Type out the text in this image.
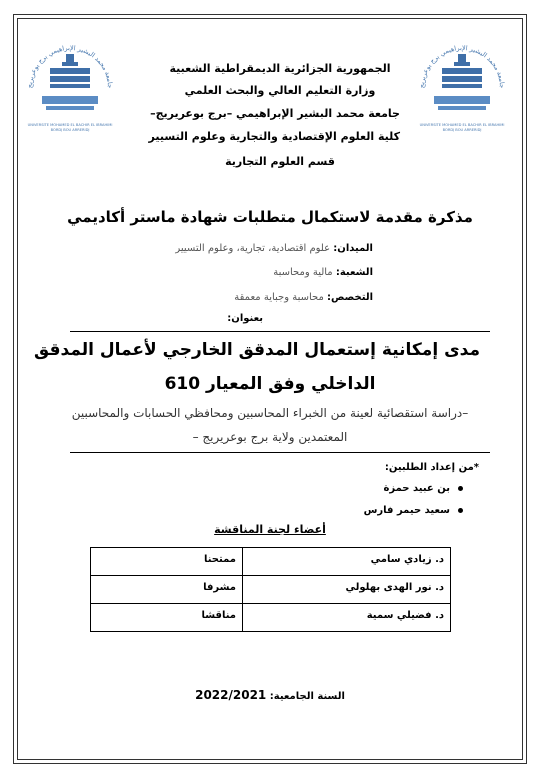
جامعة محمد البشير الإبراهيمي برج بوعريريج
UNIVERSITE MOHAMED EL BACHIR EL IBRAHIMI
BORDJ BOU ARRERIDJ
جامعة محمد البشير الإبراهيمي برج بوعريريج
UNIVERSITE MOHAMED EL BACHIR EL IBRAHIMI
BORDJ BOU ARRERIDJ
الجمهورية الجزائرية الديمقراطية الشعبية
وزارة التعليم العالي والبحث العلمي
جامعة محمد البشير الإبراهيمي –برج بوعريريج–
كلية العلوم الإقتصادية والتجارية وعلوم التسيير
قسم العلوم التجارية
مذكرة مقدمة لاستكمال متطلبات شهادة ماستر أكاديمي
الميدان: علوم اقتصادية، تجارية، وعلوم التسيير
الشعبة: مالية ومحاسبة
التخصص: محاسبة وجباية معمقة
بعنوان:
مدى إمكانية إستعمال المدقق الخارجي لأعمال المدقق
الداخلي وفق المعيار 610
–دراسة استقصائية لعينة من الخبراء المحاسبين ومحافظي الحسابات والمحاسبين
المعتمدين ولاية برج بوعريريج –
*من إعداد الطلبين:
بن عبيد حمزة
سعيد حيمر فارس
أعضاء لجنة المناقشة
ممتحنا	د. زيادي سامي
مشرفا	د. نور الهدى بهلولي
مناقشا	د. فضيلي سمية
السنة الجامعية: 2022/2021
